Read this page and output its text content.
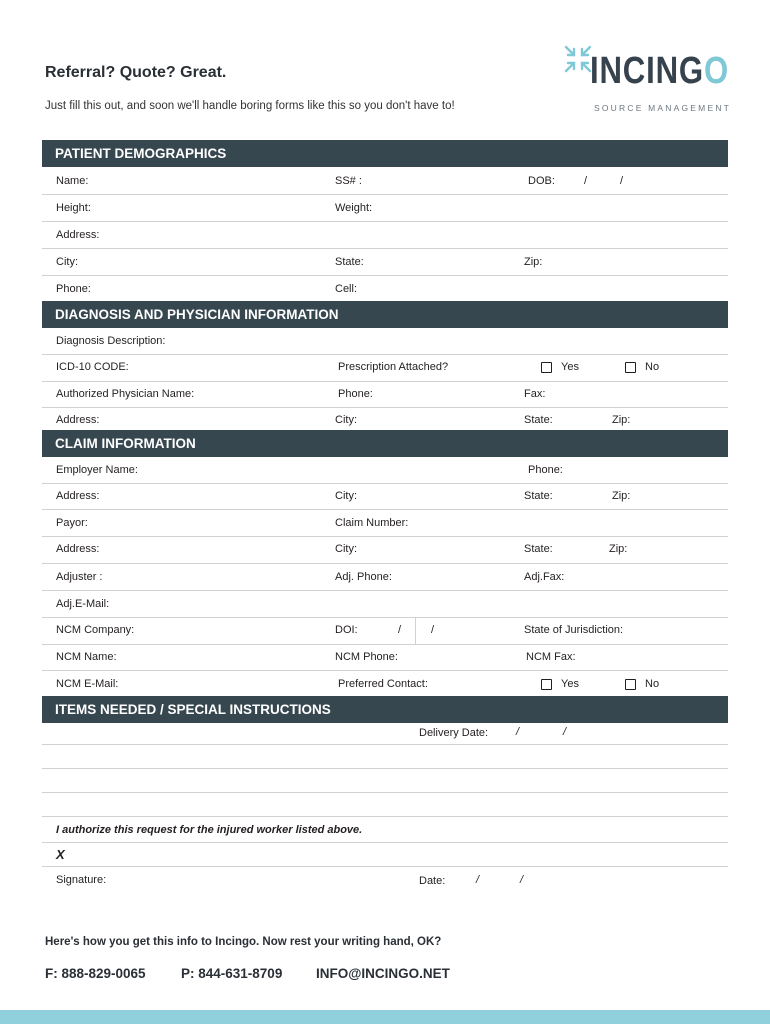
Referral? Quote? Great.
Just fill this out, and soon we'll handle boring forms like this so you don't have to!
INCINGO
SOURCE MANAGEMENT
PATIENT DEMOGRAPHICS
Name:	SS# :	DOB:	/	/
Height:	Weight:
Address:
City:	State:	Zip:
Phone:	Cell:
DIAGNOSIS AND PHYSICIAN INFORMATION
Diagnosis Description:
ICD-10 CODE:	Prescription Attached?	Yes	No
Authorized Physician Name:	Phone:	Fax:
Address:	City:	State:	Zip:
CLAIM INFORMATION
Employer Name:	Phone:
Address:	City:	State:	Zip:
Payor:	Claim Number:
Address:	City:	State:	Zip:
Adjuster :	Adj. Phone:	Adj.Fax:
Adj.E-Mail:
NCM Company:	DOI:	/	/	State of Jurisdiction:
NCM Name:	NCM Phone:	NCM Fax:
NCM E-Mail:	Preferred Contact:	Yes	No
ITEMS NEEDED / SPECIAL INSTRUCTIONS
Delivery Date:	/	/
I authorize this request for the injured worker listed above.
X
Signature:	Date:	/	/
Here's how you get this info to Incingo. Now rest your writing hand, OK?
F: 888-829-0065	P: 844-631-8709 INFO@INCINGO.NET
